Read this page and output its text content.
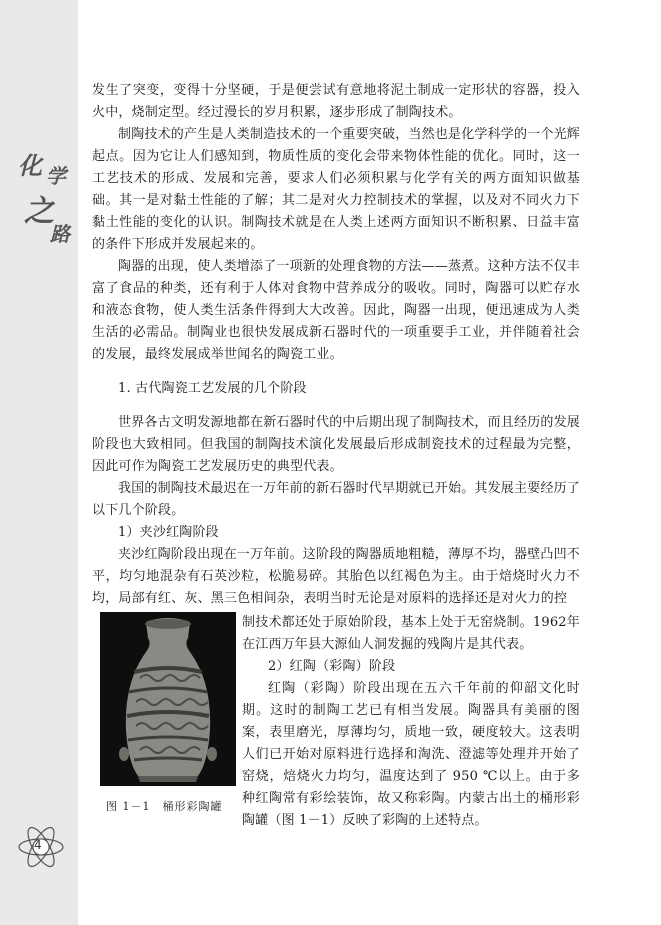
化 学
之
路

发生了突变，变得十分坚硬，于是便尝试有意地将泥土制成一定形状的容器，投入火中，烧制定型。经过漫长的岁月积累，逐步形成了制陶技术。

制陶技术的产生是人类制造技术的一个重要突破，当然也是化学科学的一个光辉起点。因为它让人们感知到，物质性质的变化会带来物体性能的优化。同时，这一工艺技术的形成、发展和完善，要求人们必须积累与化学有关的两方面知识做基础。其一是对黏土性能的了解；其二是对火力控制技术的掌握，以及对不同火力下黏土性能的变化的认识。制陶技术就是在人类上述两方面知识不断积累、日益丰富的条件下形成并发展起来的。

陶器的出现，使人类增添了一项新的处理食物的方法——蒸煮。这种方法不仅丰富了食品的种类，还有利于人体对食物中营养成分的吸收。同时，陶器可以贮存水和液态食物，使人类生活条件得到大大改善。因此，陶器一出现，便迅速成为人类生活的必需品。制陶业也很快发展成新石器时代的一项重要手工业，并伴随着社会的发展，最终发展成举世闻名的陶瓷工业。

1. 古代陶瓷工艺发展的几个阶段

世界各古文明发源地都在新石器时代的中后期出现了制陶技术，而且经历的发展阶段也大致相同。但我国的制陶技术演化发展最后形成制瓷技术的过程最为完整，因此可作为陶瓷工艺发展历史的典型代表。

我国的制陶技术最迟在一万年前的新石器时代早期就已开始。其发展主要经历了以下几个阶段。

1）夹沙红陶阶段

夹沙红陶阶段出现在一万年前。这阶段的陶器质地粗糙，薄厚不均，器壁凸凹不平，均匀地混杂有石英沙粒，松脆易碎。其胎色以红褐色为主。由于焙烧时火力不均，局部有红、灰、黑三色相间杂，表明当时无论是对原料的选择还是对火力的控

图 1－1　桶形彩陶罐

制技术都还处于原始阶段，基本上处于无窑烧制。1962年在江西万年县大源仙人洞发掘的残陶片是其代表。

2）红陶（彩陶）阶段

红陶（彩陶）阶段出现在五六千年前的仰韶文化时期。这时的制陶工艺已有相当发展。陶器具有美丽的图案，表里磨光，厚薄均匀，质地一致，硬度较大。这表明人们已开始对原料进行选择和淘洗、澄滤等处理并开始了窑烧，焙烧火力均匀，温度达到了 950 ℃以上。由于多种红陶常有彩绘装饰，故又称彩陶。内蒙古出土的桶形彩陶罐（图 1－1）反映了彩陶的上述特点。

4
